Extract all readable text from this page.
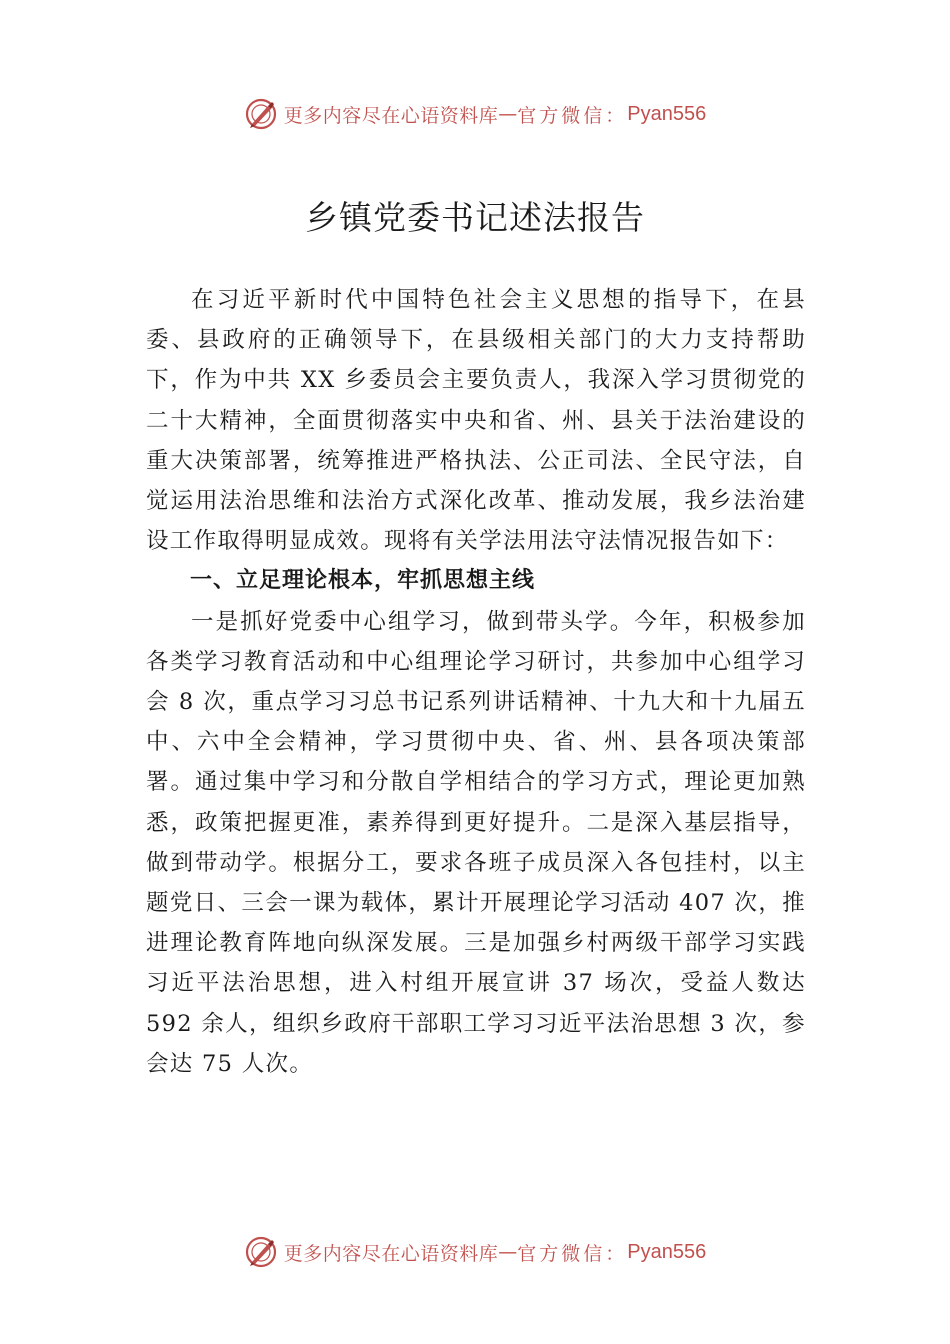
更多内容尽在心语资料库 — 官方微信： Pyan556
乡镇党委书记述法报告

在习近平新时代中国特色社会主义思想的指导下，在县委、县政府的正确领导下，在县级相关部门的大力支持帮助下，作为中共 XX 乡委员会主要负责人，我深入学习贯彻党的二十大精神，全面贯彻落实中央和省、州、县关于法治建设的重大决策部署，统筹推进严格执法、公正司法、全民守法，自觉运用法治思维和法治方式深化改革、推动发展，我乡法治建设工作取得明显成效。现将有关学法用法守法情况报告如下：

一、立足理论根本，牢抓思想主线

一是抓好党委中心组学习，做到带头学。今年，积极参加各类学习教育活动和中心组理论学习研讨，共参加中心组学习会 8 次，重点学习习总书记系列讲话精神、十九大和十九届五中、六中全会精神，学习贯彻中央、省、州、县各项决策部署。通过集中学习和分散自学相结合的学习方式，理论更加熟悉，政策把握更准，素养得到更好提升。二是深入基层指导，做到带动学。根据分工，要求各班子成员深入各包挂村，以主题党日、三会一课为载体，累计开展理论学习活动 407 次，推进理论教育阵地向纵深发展。三是加强乡村两级干部学习实践习近平法治思想，进入村组开展宣讲 37 场次，受益人数达 592 余人，组织乡政府干部职工学习习近平法治思想 3 次，参会达 75 人次。

更多内容尽在心语资料库 — 官方微信： Pyan556
